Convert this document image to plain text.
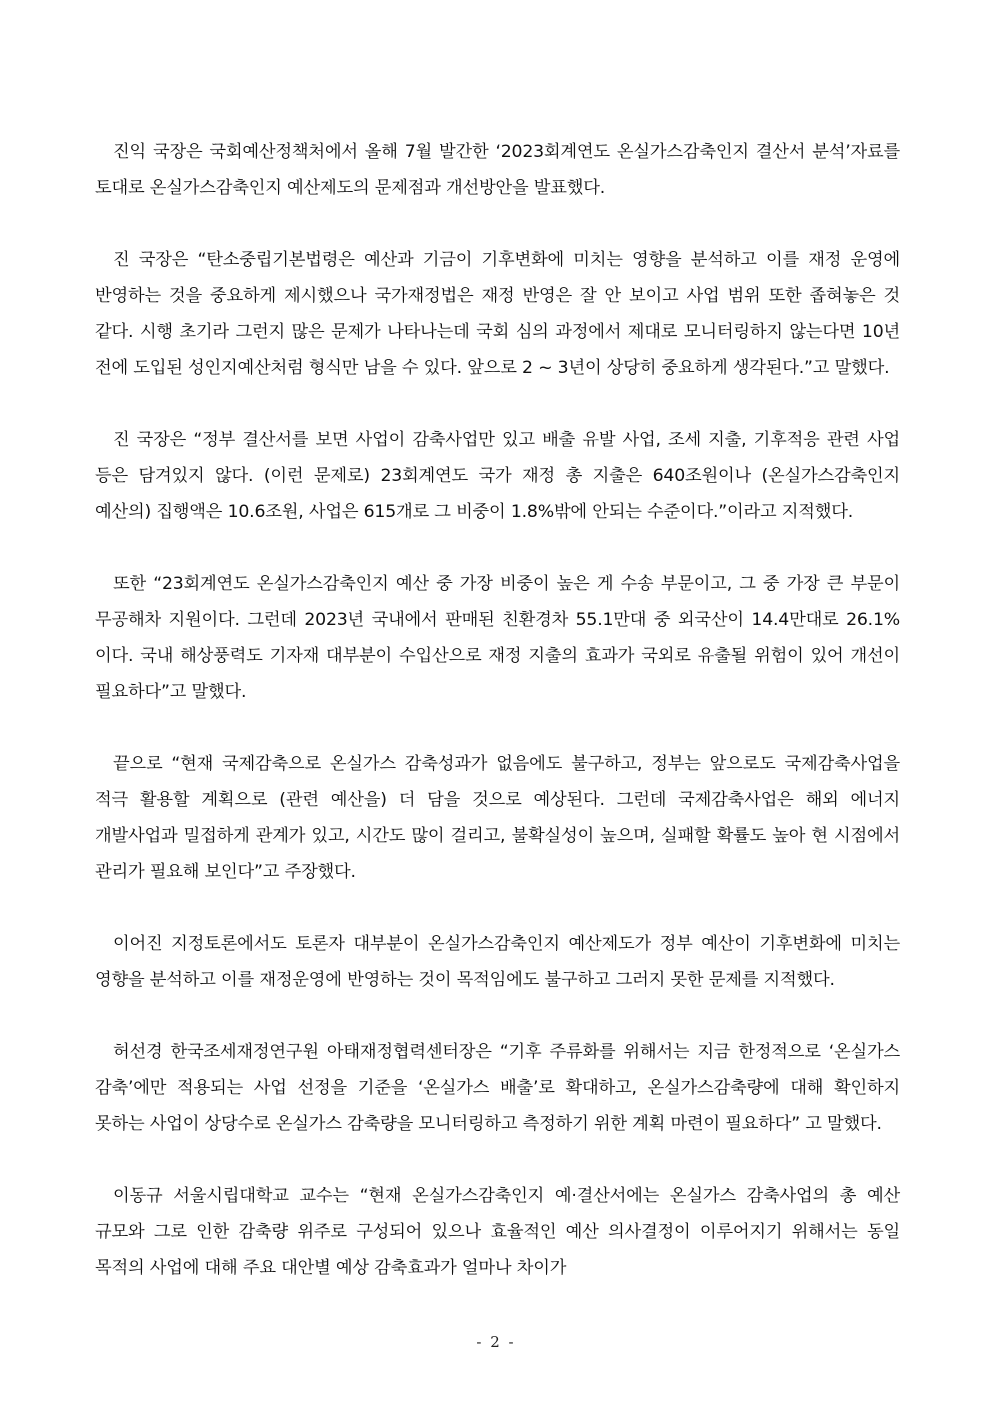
진익 국장은 국회예산정책처에서 올해 7월 발간한 ‘2023회계연도 온실가스감축인지 결산서 분석’자료를 토대로 온실가스감축인지 예산제도의 문제점과 개선방안을 발표했다.

진 국장은 “탄소중립기본법령은 예산과 기금이 기후변화에 미치는 영향을 분석하고 이를 재정 운영에 반영하는 것을 중요하게 제시했으나 국가재정법은 재정 반영은 잘 안 보이고 사업 범위 또한 좁혀놓은 것 같다. 시행 초기라 그런지 많은 문제가 나타나는데 국회 심의 과정에서 제대로 모니터링하지 않는다면 10년 전에 도입된 성인지예산처럼 형식만 남을 수 있다. 앞으로 2 ~ 3년이 상당히 중요하게 생각된다.”고 말했다.

진 국장은 “정부 결산서를 보면 사업이 감축사업만 있고 배출 유발 사업, 조세 지출, 기후적응 관련 사업 등은 담겨있지 않다. (이런 문제로) 23회계연도 국가 재정 총 지출은 640조원이나 (온실가스감축인지 예산의) 집행액은 10.6조원, 사업은 615개로 그 비중이 1.8%밖에 안되는 수준이다.”이라고 지적했다.

또한 “23회계연도 온실가스감축인지 예산 중 가장 비중이 높은 게 수송 부문이고, 그 중 가장 큰 부문이 무공해차 지원이다. 그런데 2023년 국내에서 판매된 친환경차 55.1만대 중 외국산이 14.4만대로 26.1%이다. 국내 해상풍력도 기자재 대부분이 수입산으로 재정 지출의 효과가 국외로 유출될 위험이 있어 개선이 필요하다”고 말했다.

끝으로 “현재 국제감축으로 온실가스 감축성과가 없음에도 불구하고, 정부는 앞으로도 국제감축사업을 적극 활용할 계획으로 (관련 예산을) 더 담을 것으로 예상된다. 그런데 국제감축사업은 해외 에너지 개발사업과 밀접하게 관계가 있고, 시간도 많이 걸리고, 불확실성이 높으며, 실패할 확률도 높아 현 시점에서 관리가 필요해 보인다”고 주장했다.

이어진 지정토론에서도 토론자 대부분이 온실가스감축인지 예산제도가 정부 예산이 기후변화에 미치는 영향을 분석하고 이를 재정운영에 반영하는 것이 목적임에도 불구하고 그러지 못한 문제를 지적했다.

허선경 한국조세재정연구원 아태재정협력센터장은 “기후 주류화를 위해서는 지금 한정적으로 ‘온실가스 감축’에만 적용되는 사업 선정을 기준을 ‘온실가스 배출’로 확대하고, 온실가스감축량에 대해 확인하지 못하는 사업이 상당수로 온실가스 감축량을 모니터링하고 측정하기 위한 계획 마련이 필요하다” 고 말했다.

이동규 서울시립대학교 교수는 “현재 온실가스감축인지 예·결산서에는 온실가스 감축사업의 총 예산 규모와 그로 인한 감축량 위주로 구성되어 있으나 효율적인 예산 의사결정이 이루어지기 위해서는 동일 목적의 사업에 대해 주요 대안별 예상 감축효과가 얼마나 차이가

- 2 -
